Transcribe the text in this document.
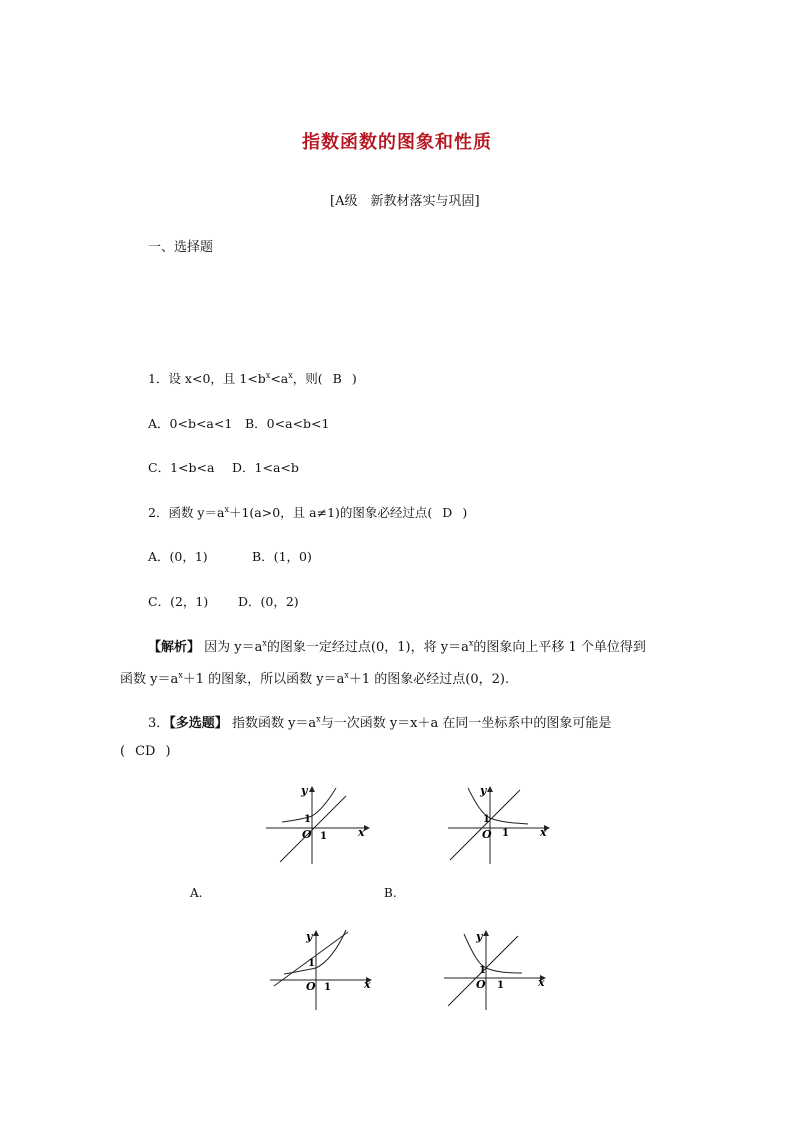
指数函数的图象和性质
[A级　新教材落实与巩固]
一、选择题
1．设 x<0，且 $1<b^x<a^x$，则( B )
A．0<b<a<1 B．0<a<b<1
C．1<b<a D．1<a<b
2．函数 $y=a^x+1(a>0$，且 a≠1)的图象必经过点( D )
A．(0，1)	B．(1，0)
C．(2，1) D．(0，2)
【解析】 因为 $y=a^x$的图象一定经过点(0，1)，将 $y=a^x$的图象向上平移 1 个单位得到
函数 $y=a^x+1$ 的图象，所以函数 $y=a^x+1$ 的图象必经过点(0，2).
3．【多选题】 指数函数 $y=a^x$与一次函数 y＝x＋a 在同一坐标系中的图象可能是
( CD )
y
x
O
1
1
y
x
O
1
1
A.	B.
y
x
O
1
1
y
x
O
1
1
